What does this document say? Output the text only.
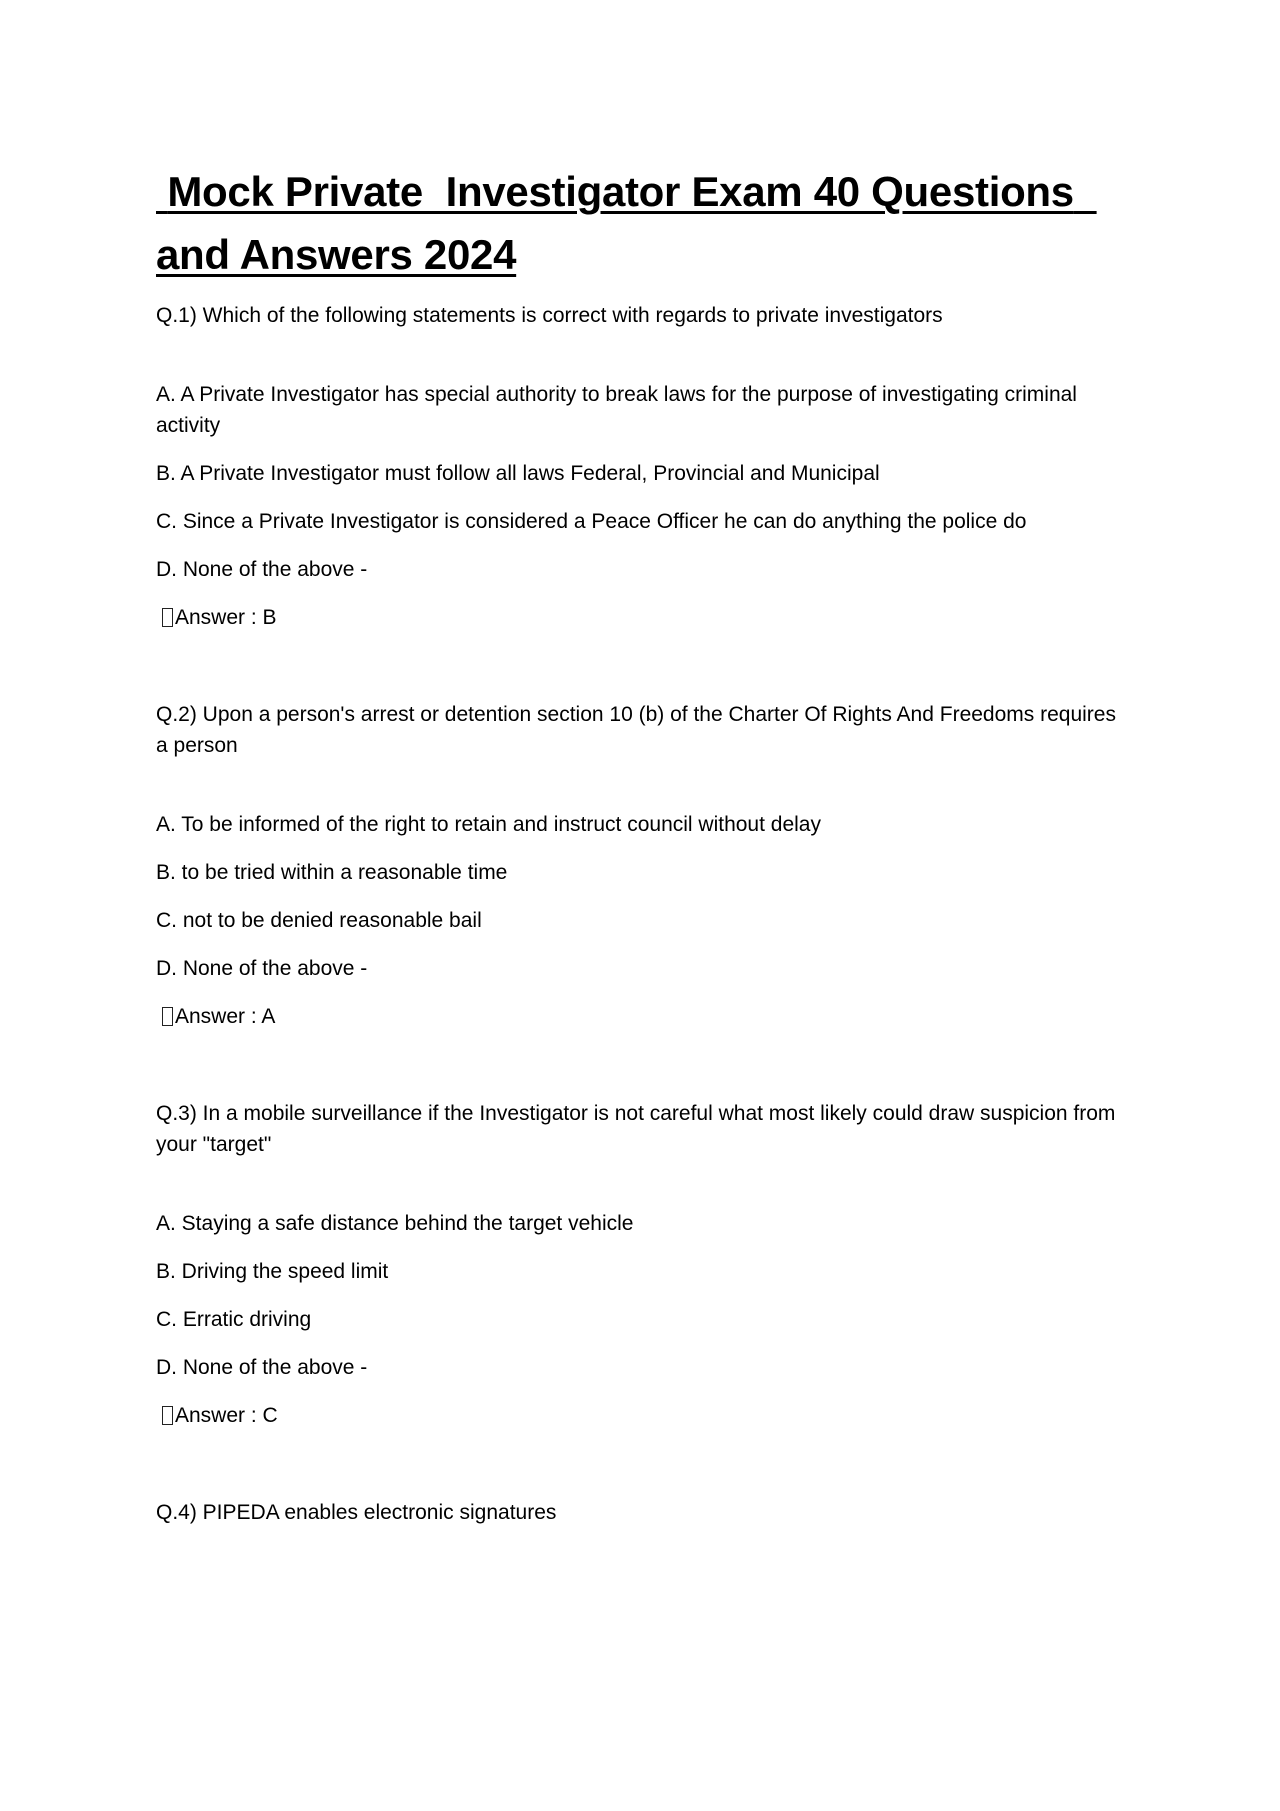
Mock Private  Investigator Exam 40 Questions  and Answers 2024

Q.1) Which of the following statements is correct with regards to private investigators

A. A Private Investigator has special authority to break laws for the purpose of investigating criminal activity

B. A Private Investigator must follow all laws Federal, Provincial and Municipal

C. Since a Private Investigator is considered a Peace Officer he can do anything the police do

D. None of the above -

Answer : B

Q.2) Upon a person's arrest or detention section 10 (b) of the Charter Of Rights And Freedoms requires a person

A. To be informed of the right to retain and instruct council without delay

B. to be tried within a reasonable time

C. not to be denied reasonable bail

D. None of the above -

Answer : A

Q.3) In a mobile surveillance if the Investigator is not careful what most likely could draw suspicion from your "target"

A. Staying a safe distance behind the target vehicle

B. Driving the speed limit

C. Erratic driving

D. None of the above -

Answer : C

Q.4) PIPEDA enables electronic signatures
